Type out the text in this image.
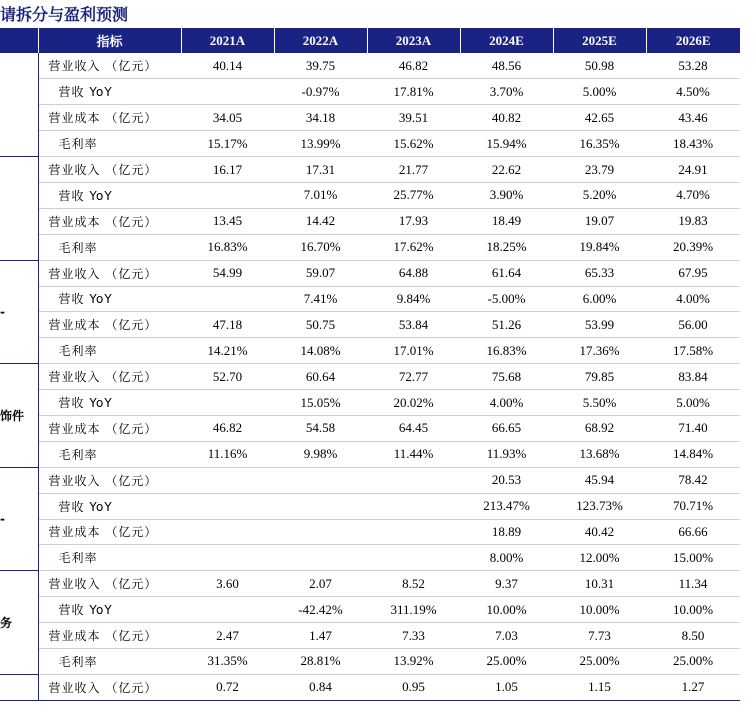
请拆分与盈利预测
	指标	2021A	2022A	2023A	2024E	2025E	2026E
	营业收入 （亿元）	40.14	39.75	46.82	48.56	50.98	53.28
	营收 YoY		-0.97%	17.81%	3.70%	5.00%	4.50%
	营业成本 （亿元）	34.05	34.18	39.51	40.82	42.65	43.46
	毛利率	15.17%	13.99%	15.62%	15.94%	16.35%	18.43%
	营业收入 （亿元）	16.17	17.31	21.77	22.62	23.79	24.91
	营收 YoY		7.01%	25.77%	3.90%	5.20%	4.70%
	营业成本 （亿元）	13.45	14.42	17.93	18.49	19.07	19.83
	毛利率	16.83%	16.70%	17.62%	18.25%	19.84%	20.39%
-	营业收入 （亿元）	54.99	59.07	64.88	61.64	65.33	67.95
	营收 YoY		7.41%	9.84%	-5.00%	6.00%	4.00%
	营业成本 （亿元）	47.18	50.75	53.84	51.26	53.99	56.00
	毛利率	14.21%	14.08%	17.01%	16.83%	17.36%	17.58%
饰件	营业收入 （亿元）	52.70	60.64	72.77	75.68	79.85	83.84
	营收 YoY		15.05%	20.02%	4.00%	5.50%	5.00%
	营业成本 （亿元）	46.82	54.58	64.45	66.65	68.92	71.40
	毛利率	11.16%	9.98%	11.44%	11.93%	13.68%	14.84%
-	营业收入 （亿元）				20.53	45.94	78.42
	营收 YoY				213.47%	123.73%	70.71%
	营业成本 （亿元）				18.89	40.42	66.66
	毛利率				8.00%	12.00%	15.00%
务	营业收入 （亿元）	3.60	2.07	8.52	9.37	10.31	11.34
	营收 YoY		-42.42%	311.19%	10.00%	10.00%	10.00%
	营业成本 （亿元）	2.47	1.47	7.33	7.03	7.73	8.50
	毛利率	31.35%	28.81%	13.92%	25.00%	25.00%	25.00%
	营业收入 （亿元）	0.72	0.84	0.95	1.05	1.15	1.27
